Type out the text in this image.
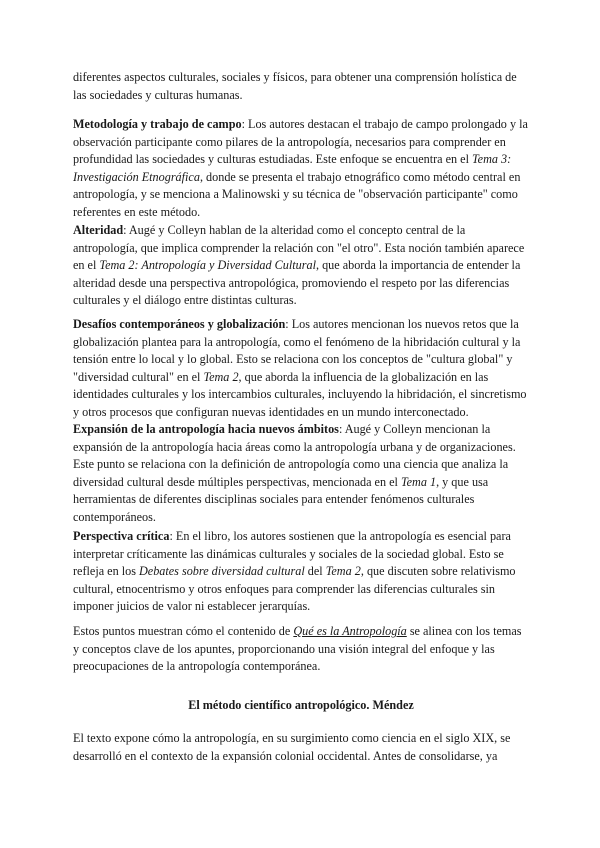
diferentes aspectos culturales, sociales y físicos, para obtener una comprensión holística de las sociedades y culturas humanas.

Metodología y trabajo de campo: Los autores destacan el trabajo de campo prolongado y la observación participante como pilares de la antropología, necesarios para comprender en profundidad las sociedades y culturas estudiadas. Este enfoque se encuentra en el Tema 3: Investigación Etnográfica, donde se presenta el trabajo etnográfico como método central en antropología, y se menciona a Malinowski y su técnica de "observación participante" como referentes en este método.

Alteridad: Augé y Colleyn hablan de la alteridad como el concepto central de la antropología, que implica comprender la relación con "el otro". Esta noción también aparece en el Tema 2: Antropología y Diversidad Cultural, que aborda la importancia de entender la alteridad desde una perspectiva antropológica, promoviendo el respeto por las diferencias culturales y el diálogo entre distintas culturas.

Desafíos contemporáneos y globalización: Los autores mencionan los nuevos retos que la globalización plantea para la antropología, como el fenómeno de la hibridación cultural y la tensión entre lo local y lo global. Esto se relaciona con los conceptos de "cultura global" y "diversidad cultural" en el Tema 2, que aborda la influencia de la globalización en las identidades culturales y los intercambios culturales, incluyendo la hibridación, el sincretismo y otros procesos que configuran nuevas identidades en un mundo interconectado.

Expansión de la antropología hacia nuevos ámbitos: Augé y Colleyn mencionan la expansión de la antropología hacia áreas como la antropología urbana y de organizaciones. Este punto se relaciona con la definición de antropología como una ciencia que analiza la diversidad cultural desde múltiples perspectivas, mencionada en el Tema 1, y que usa herramientas de diferentes disciplinas sociales para entender fenómenos culturales contemporáneos.

Perspectiva crítica: En el libro, los autores sostienen que la antropología es esencial para interpretar críticamente las dinámicas culturales y sociales de la sociedad global. Esto se refleja en los Debates sobre diversidad cultural del Tema 2, que discuten sobre relativismo cultural, etnocentrismo y otros enfoques para comprender las diferencias culturales sin imponer juicios de valor ni establecer jerarquías.

Estos puntos muestran cómo el contenido de Qué es la Antropología se alinea con los temas y conceptos clave de los apuntes, proporcionando una visión integral del enfoque y las preocupaciones de la antropología contemporánea.

El método científico antropológico. Méndez

El texto expone cómo la antropología, en su surgimiento como ciencia en el siglo XIX, se desarrolló en el contexto de la expansión colonial occidental. Antes de consolidarse, ya
